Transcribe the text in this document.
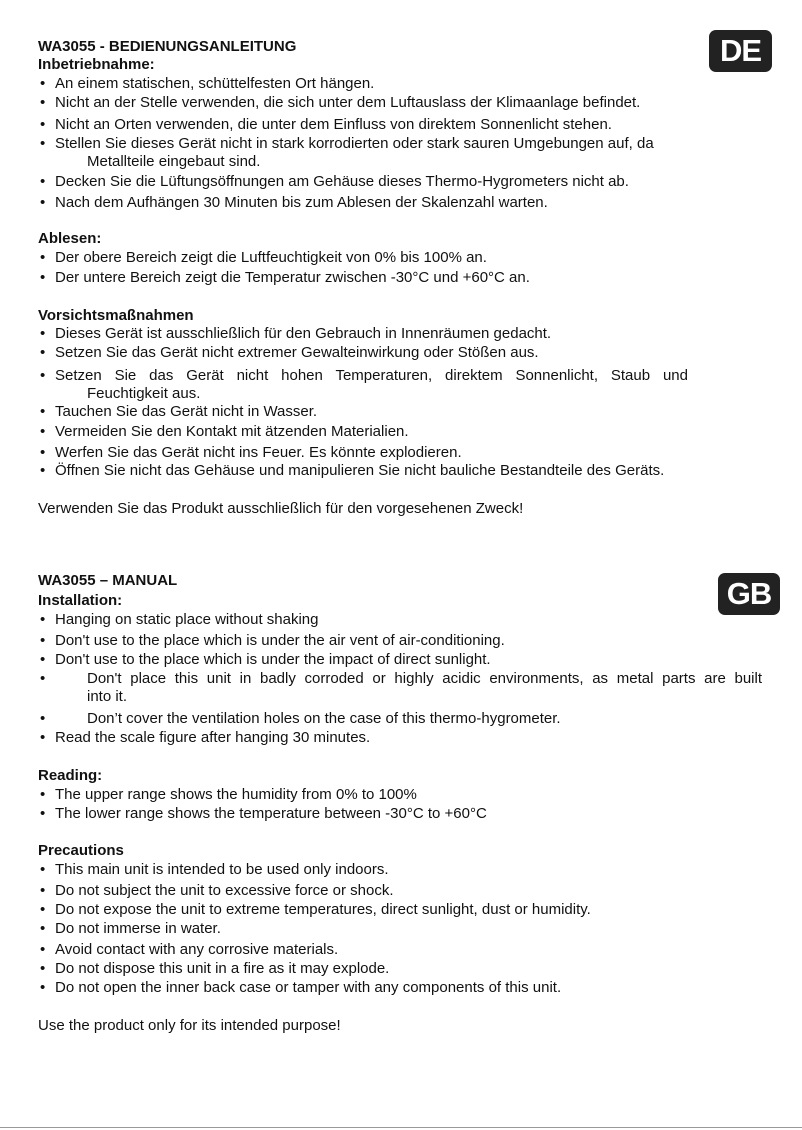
DE
WA3055 - BEDIENUNGSANLEITUNG
Inbetriebnahme:
• An einem statischen, schüttelfesten Ort hängen.
• Nicht an der Stelle verwenden, die sich unter dem Luftauslass der Klimaanlage befindet.
• Nicht an Orten verwenden, die unter dem Einfluss von direktem Sonnenlicht stehen.
• Stellen Sie dieses Gerät nicht in stark korrodierten oder stark sauren Umgebungen auf, da
Metallteile eingebaut sind.
• Decken Sie die Lüftungsöffnungen am Gehäuse dieses Thermo-Hygrometers nicht ab.
• Nach dem Aufhängen 30 Minuten bis zum Ablesen der Skalenzahl warten.
Ablesen:
• Der obere Bereich zeigt die Luftfeuchtigkeit von 0% bis 100% an.
• Der untere Bereich zeigt die Temperatur zwischen -30°C und +60°C an.
Vorsichtsmaßnahmen
• Dieses Gerät ist ausschließlich für den Gebrauch in Innenräumen gedacht.
• Setzen Sie das Gerät nicht extremer Gewalteinwirkung oder Stößen aus.
• Setzen Sie das Gerät nicht hohen Temperaturen, direktem Sonnenlicht, Staub und
Feuchtigkeit aus.
• Tauchen Sie das Gerät nicht in Wasser.
• Vermeiden Sie den Kontakt mit ätzenden Materialien.
• Werfen Sie das Gerät nicht ins Feuer. Es könnte explodieren.
• Öffnen Sie nicht das Gehäuse und manipulieren Sie nicht bauliche Bestandteile des Geräts.
Verwenden Sie das Produkt ausschließlich für den vorgesehenen Zweck!
GB
WA3055 – MANUAL
Installation:
• Hanging on static place without shaking
• Don't use to the place which is under the air vent of air-conditioning.
• Don't use to the place which is under the impact of direct sunlight.
•	Don't place this unit in badly corroded or highly acidic environments, as metal parts are built
into it.
•	Don’t cover the ventilation holes on the case of this thermo-hygrometer.
• Read the scale figure after hanging 30 minutes.
Reading:
• The upper range shows the humidity from 0% to 100%
• The lower range shows the temperature between -30°C to +60°C
Precautions
• This main unit is intended to be used only indoors.
• Do not subject the unit to excessive force or shock.
• Do not expose the unit to extreme temperatures, direct sunlight, dust or humidity.
• Do not immerse in water.
• Avoid contact with any corrosive materials.
• Do not dispose this unit in a fire as it may explode.
• Do not open the inner back case or tamper with any components of this unit.
Use the product only for its intended purpose!
